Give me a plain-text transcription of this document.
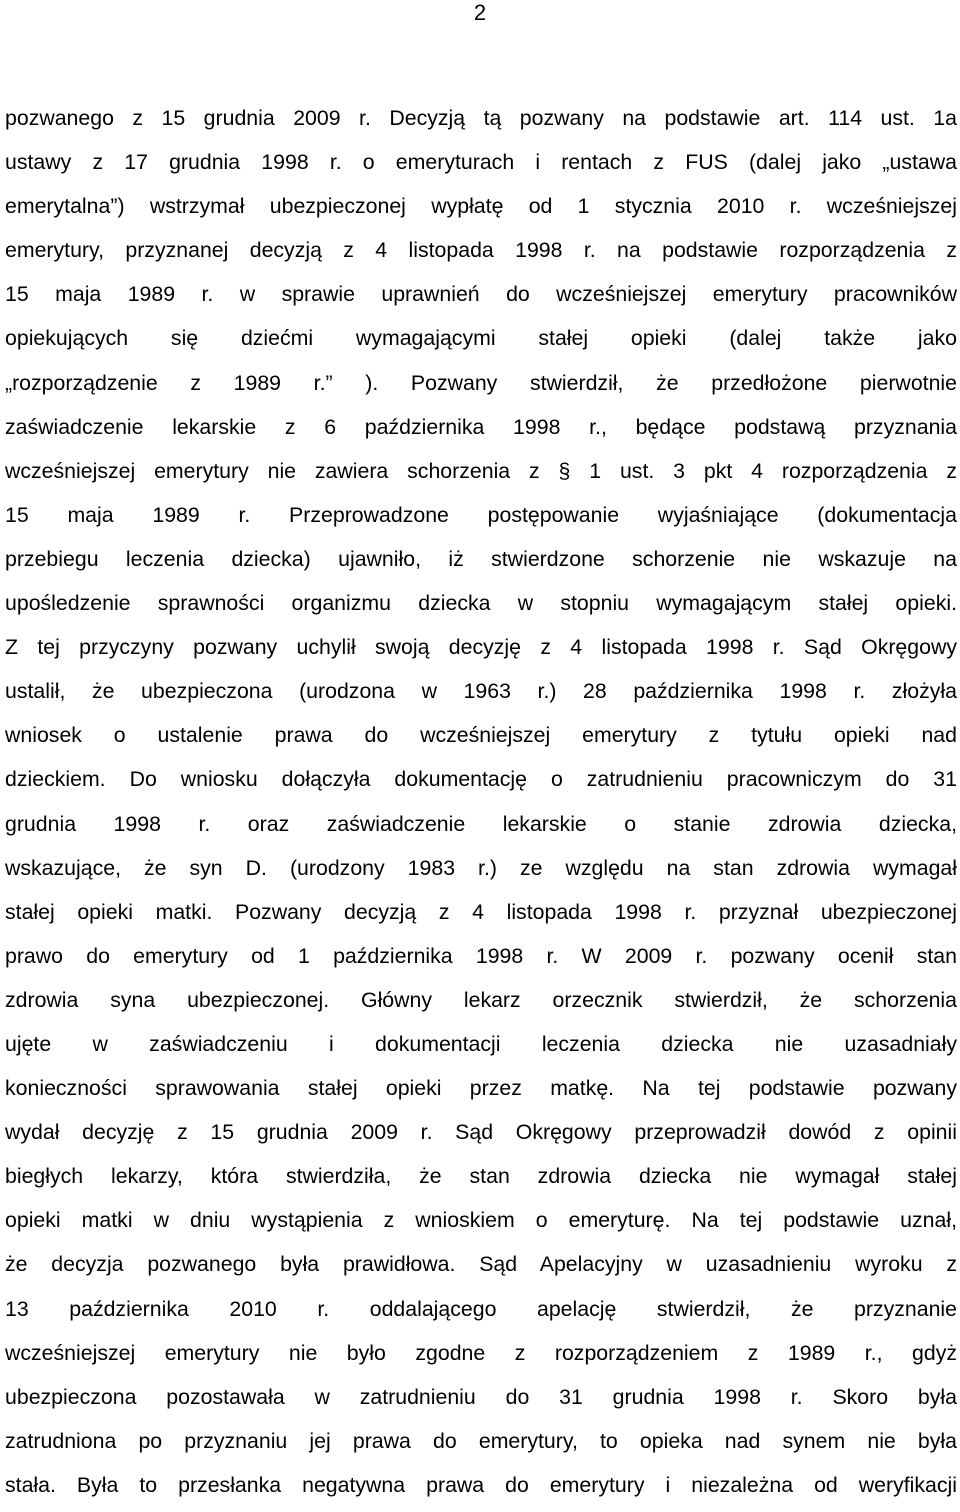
2
pozwanego z 15 grudnia 2009 r. Decyzją tą pozwany na podstawie art. 114 ust. 1a
ustawy z 17 grudnia 1998 r. o emeryturach i rentach z FUS (dalej jako „ustawa
emerytalna”) wstrzymał ubezpieczonej wypłatę od 1 stycznia 2010 r. wcześniejszej
emerytury, przyznanej decyzją z 4 listopada 1998 r. na podstawie rozporządzenia z
15 maja 1989 r. w sprawie uprawnień do wcześniejszej emerytury pracowników
opiekujących się dziećmi wymagającymi stałej opieki (dalej także jako
„rozporządzenie z 1989 r.” ). Pozwany stwierdził, że przedłożone pierwotnie
zaświadczenie lekarskie z 6 października 1998 r., będące podstawą przyznania
wcześniejszej emerytury nie zawiera schorzenia z § 1 ust. 3 pkt 4 rozporządzenia z
15 maja 1989 r. Przeprowadzone postępowanie wyjaśniające (dokumentacja
przebiegu leczenia dziecka) ujawniło, iż stwierdzone schorzenie nie wskazuje na
upośledzenie sprawności organizmu dziecka w stopniu wymagającym stałej opieki.
Z tej przyczyny pozwany uchylił swoją decyzję z 4 listopada 1998 r. Sąd Okręgowy
ustalił, że ubezpieczona (urodzona w 1963 r.) 28 października 1998 r. złożyła
wniosek o ustalenie prawa do wcześniejszej emerytury z tytułu opieki nad
dzieckiem. Do wniosku dołączyła dokumentację o zatrudnieniu pracowniczym do 31
grudnia 1998 r. oraz zaświadczenie lekarskie o stanie zdrowia dziecka,
wskazujące, że syn D. (urodzony 1983 r.) ze względu na stan zdrowia wymagał
stałej opieki matki. Pozwany decyzją z 4 listopada 1998 r. przyznał ubezpieczonej
prawo do emerytury od 1 października 1998 r. W 2009 r. pozwany ocenił stan
zdrowia syna ubezpieczonej. Główny lekarz orzecznik stwierdził, że schorzenia
ujęte w zaświadczeniu i dokumentacji leczenia dziecka nie uzasadniały
konieczności sprawowania stałej opieki przez matkę. Na tej podstawie pozwany
wydał decyzję z 15 grudnia 2009 r. Sąd Okręgowy przeprowadził dowód z opinii
biegłych lekarzy, która stwierdziła, że stan zdrowia dziecka nie wymagał stałej
opieki matki w dniu wystąpienia z wnioskiem o emeryturę. Na tej podstawie uznał,
że decyzja pozwanego była prawidłowa. Sąd Apelacyjny w uzasadnieniu wyroku z
13 października 2010 r. oddalającego apelację stwierdził, że przyznanie
wcześniejszej emerytury nie było zgodne z rozporządzeniem z 1989 r., gdyż
ubezpieczona pozostawała w zatrudnieniu do 31 grudnia 1998 r. Skoro była
zatrudniona po przyznaniu jej prawa do emerytury, to opieka nad synem nie była
stała. Była to przesłanka negatywna prawa do emerytury i niezależna od weryfikacji
